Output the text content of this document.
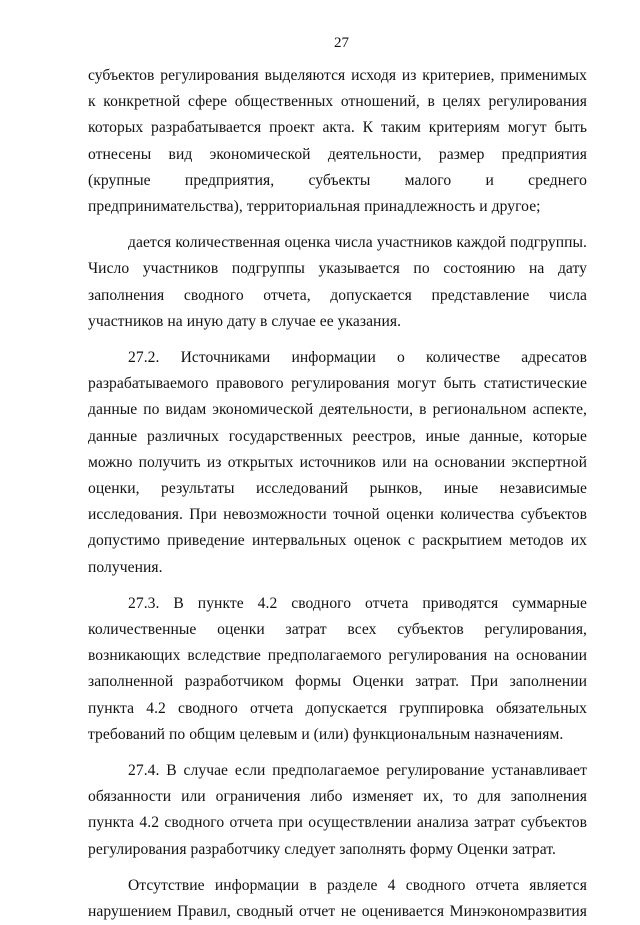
27

субъектов регулирования выделяются исходя из критериев, применимых к конкретной сфере общественных отношений, в целях регулирования которых разрабатывается проект акта. К таким критериям могут быть отнесены вид экономической деятельности, размер предприятия (крупные предприятия, субъекты малого и среднего предпринимательства), территориальная принадлежность и другое;

дается количественная оценка числа участников каждой подгруппы. Число участников подгруппы указывается по состоянию на дату заполнения сводного отчета, допускается представление числа участников на иную дату в случае ее указания.

27.2. Источниками информации о количестве адресатов разрабатываемого правового регулирования могут быть статистические данные по видам экономической деятельности, в региональном аспекте, данные различных государственных реестров, иные данные, которые можно получить из открытых источников или на основании экспертной оценки, результаты исследований рынков, иные независимые исследования. При невозможности точной оценки количества субъектов допустимо приведение интервальных оценок с раскрытием методов их получения.

27.3. В пункте 4.2 сводного отчета приводятся суммарные количественные оценки затрат всех субъектов регулирования, возникающих вследствие предполагаемого регулирования на основании заполненной разработчиком формы Оценки затрат. При заполнении пункта 4.2 сводного отчета допускается группировка обязательных требований по общим целевым и (или) функциональным назначениям.

27.4. В случае если предполагаемое регулирование устанавливает обязанности или ограничения либо изменяет их, то для заполнения пункта 4.2 сводного отчета при осуществлении анализа затрат субъектов регулирования разработчику следует заполнять форму Оценки затрат.

Отсутствие информации в разделе 4 сводного отчета является нарушением Правил, сводный отчет не оценивается Минэкономразвития
